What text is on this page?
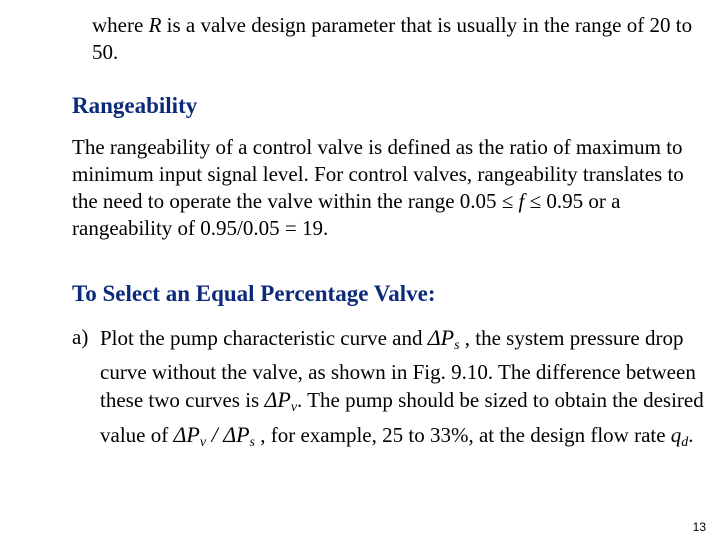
where R is a valve design parameter that is usually in the range of 20 to 50.
Rangeability
The rangeability of a control valve is defined as the ratio of maximum to minimum input signal level. For control valves, rangeability translates to the need to operate the valve within the range 0.05 ≤ f ≤ 0.95 or a rangeability of 0.95/0.05 = 19.
To Select an Equal Percentage Valve:
a) Plot the pump characteristic curve and $\Delta P_s$ , the system pressure drop curve without the valve, as shown in Fig. 9.10. The difference between these two curves is $\Delta P_v$. The pump should be sized to obtain the desired value of $\Delta P_v / \Delta P_s$ , for example, 25 to 33%, at the design flow rate $q_d$.
13
